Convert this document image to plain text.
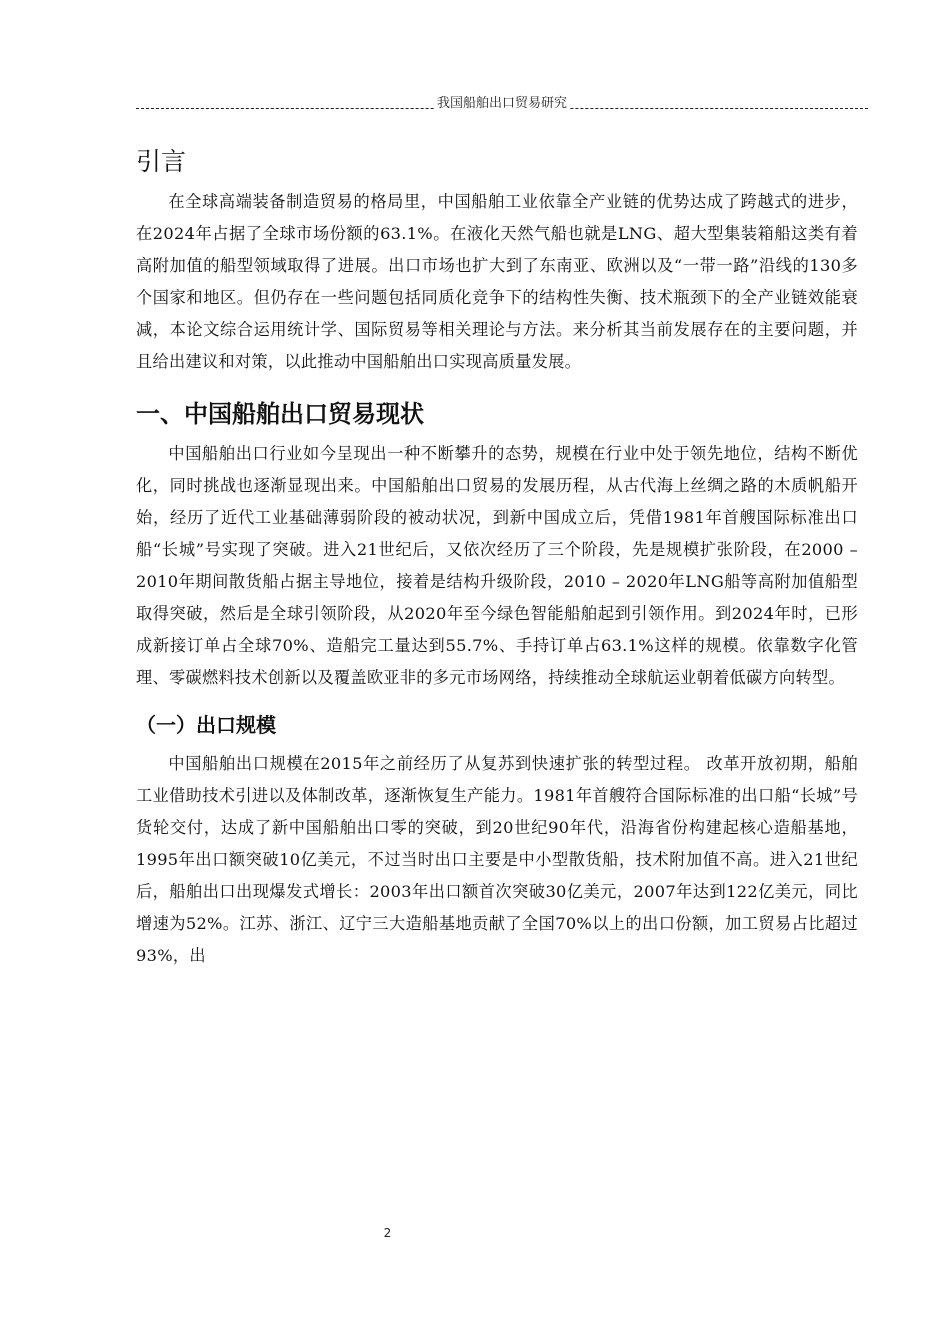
我国船舶出口贸易研究
引言

在全球高端装备制造贸易的格局里，中国船舶工业依靠全产业链的优势达成了跨越式的进步，在2024年占据了全球市场份额的63.1%。在液化天然气船也就是LNG、超大型集装箱船这类有着高附加值的船型领域取得了进展。出口市场也扩大到了东南亚、欧洲以及“一带一路”沿线的130多个国家和地区。但仍存在一些问题包括同质化竞争下的结构性失衡、技术瓶颈下的全产业链效能衰减，本论文综合运用统计学、国际贸易等相关理论与方法。来分析其当前发展存在的主要问题，并且给出建议和对策，以此推动中国船舶出口实现高质量发展。

一、中国船舶出口贸易现状

中国船舶出口行业如今呈现出一种不断攀升的态势，规模在行业中处于领先地位，结构不断优化，同时挑战也逐渐显现出来。中国船舶出口贸易的发展历程，从古代海上丝绸之路的木质帆船开始，经历了近代工业基础薄弱阶段的被动状况，到新中国成立后，凭借1981年首艘国际标准出口船“长城”号实现了突破。进入21世纪后，又依次经历了三个阶段，先是规模扩张阶段，在2000 – 2010年期间散货船占据主导地位，接着是结构升级阶段，2010 – 2020年LNG船等高附加值船型取得突破，然后是全球引领阶段，从2020年至今绿色智能船舶起到引领作用。到2024年时，已形成新接订单占全球70%、造船完工量达到55.7%、手持订单占63.1%这样的规模。依靠数字化管理、零碳燃料技术创新以及覆盖欧亚非的多元市场网络，持续推动全球航运业朝着低碳方向转型。

（一）出口规模

中国船舶出口规模在2015年之前经历了从复苏到快速扩张的转型过程。 改革开放初期，船舶工业借助技术引进以及体制改革，逐渐恢复生产能力。1981年首艘符合国际标准的出口船“长城”号货轮交付，达成了新中国船舶出口零的突破，到20世纪90年代，沿海省份构建起核心造船基地，1995年出口额突破10亿美元，不过当时出口主要是中小型散货船，技术附加值不高。进入21世纪后，船舶出口出现爆发式增长：2003年出口额首次突破30亿美元，2007年达到122亿美元，同比增速为52%。江苏、浙江、辽宁三大造船基地贡献了全国70%以上的出口份额，加工贸易占比超过93%，出

2
